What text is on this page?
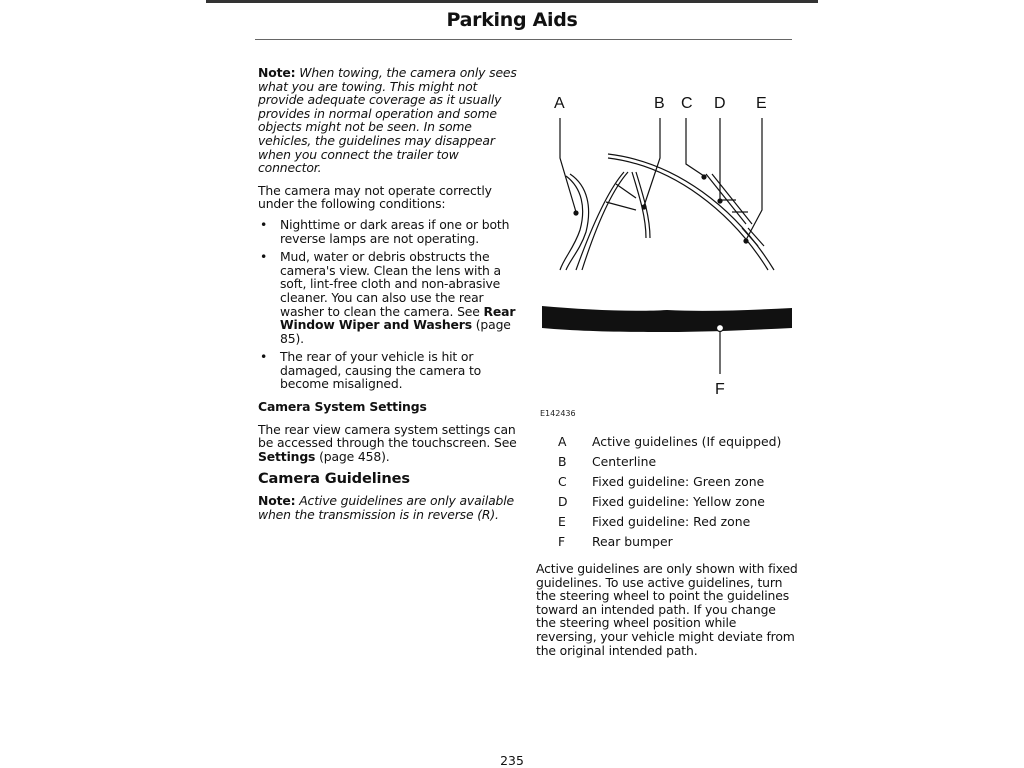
Parking Aids

Note: When towing, the camera only sees what you are towing. This might not provide adequate coverage as it usually provides in normal operation and some objects might not be seen. In some vehicles, the guidelines may disappear when you connect the trailer tow connector.

The camera may not operate correctly under the following conditions:

• Nighttime or dark areas if one or both reverse lamps are not operating.
• Mud, water or debris obstructs the camera's view. Clean the lens with a soft, lint-free cloth and non-abrasive cleaner. You can also use the rear washer to clean the camera. See Rear Window Wiper and Washers (page 85).
• The rear of your vehicle is hit or damaged, causing the camera to become misaligned.
Camera System Settings

The rear view camera system settings can be accessed through the touchscreen. See Settings (page 458).

Camera Guidelines

Note: Active guidelines are only available when the transmission is in reverse (R).

A	B C D E
F
E142436
A Active guidelines (If equipped)
B Centerline
C Fixed guideline: Green zone
D Fixed guideline: Yellow zone
E Fixed guideline: Red zone
F Rear bumper

Active guidelines are only shown with fixed guidelines. To use active guidelines, turn the steering wheel to point the guidelines toward an intended path. If you change the steering wheel position while reversing, your vehicle might deviate from the original intended path.

235
